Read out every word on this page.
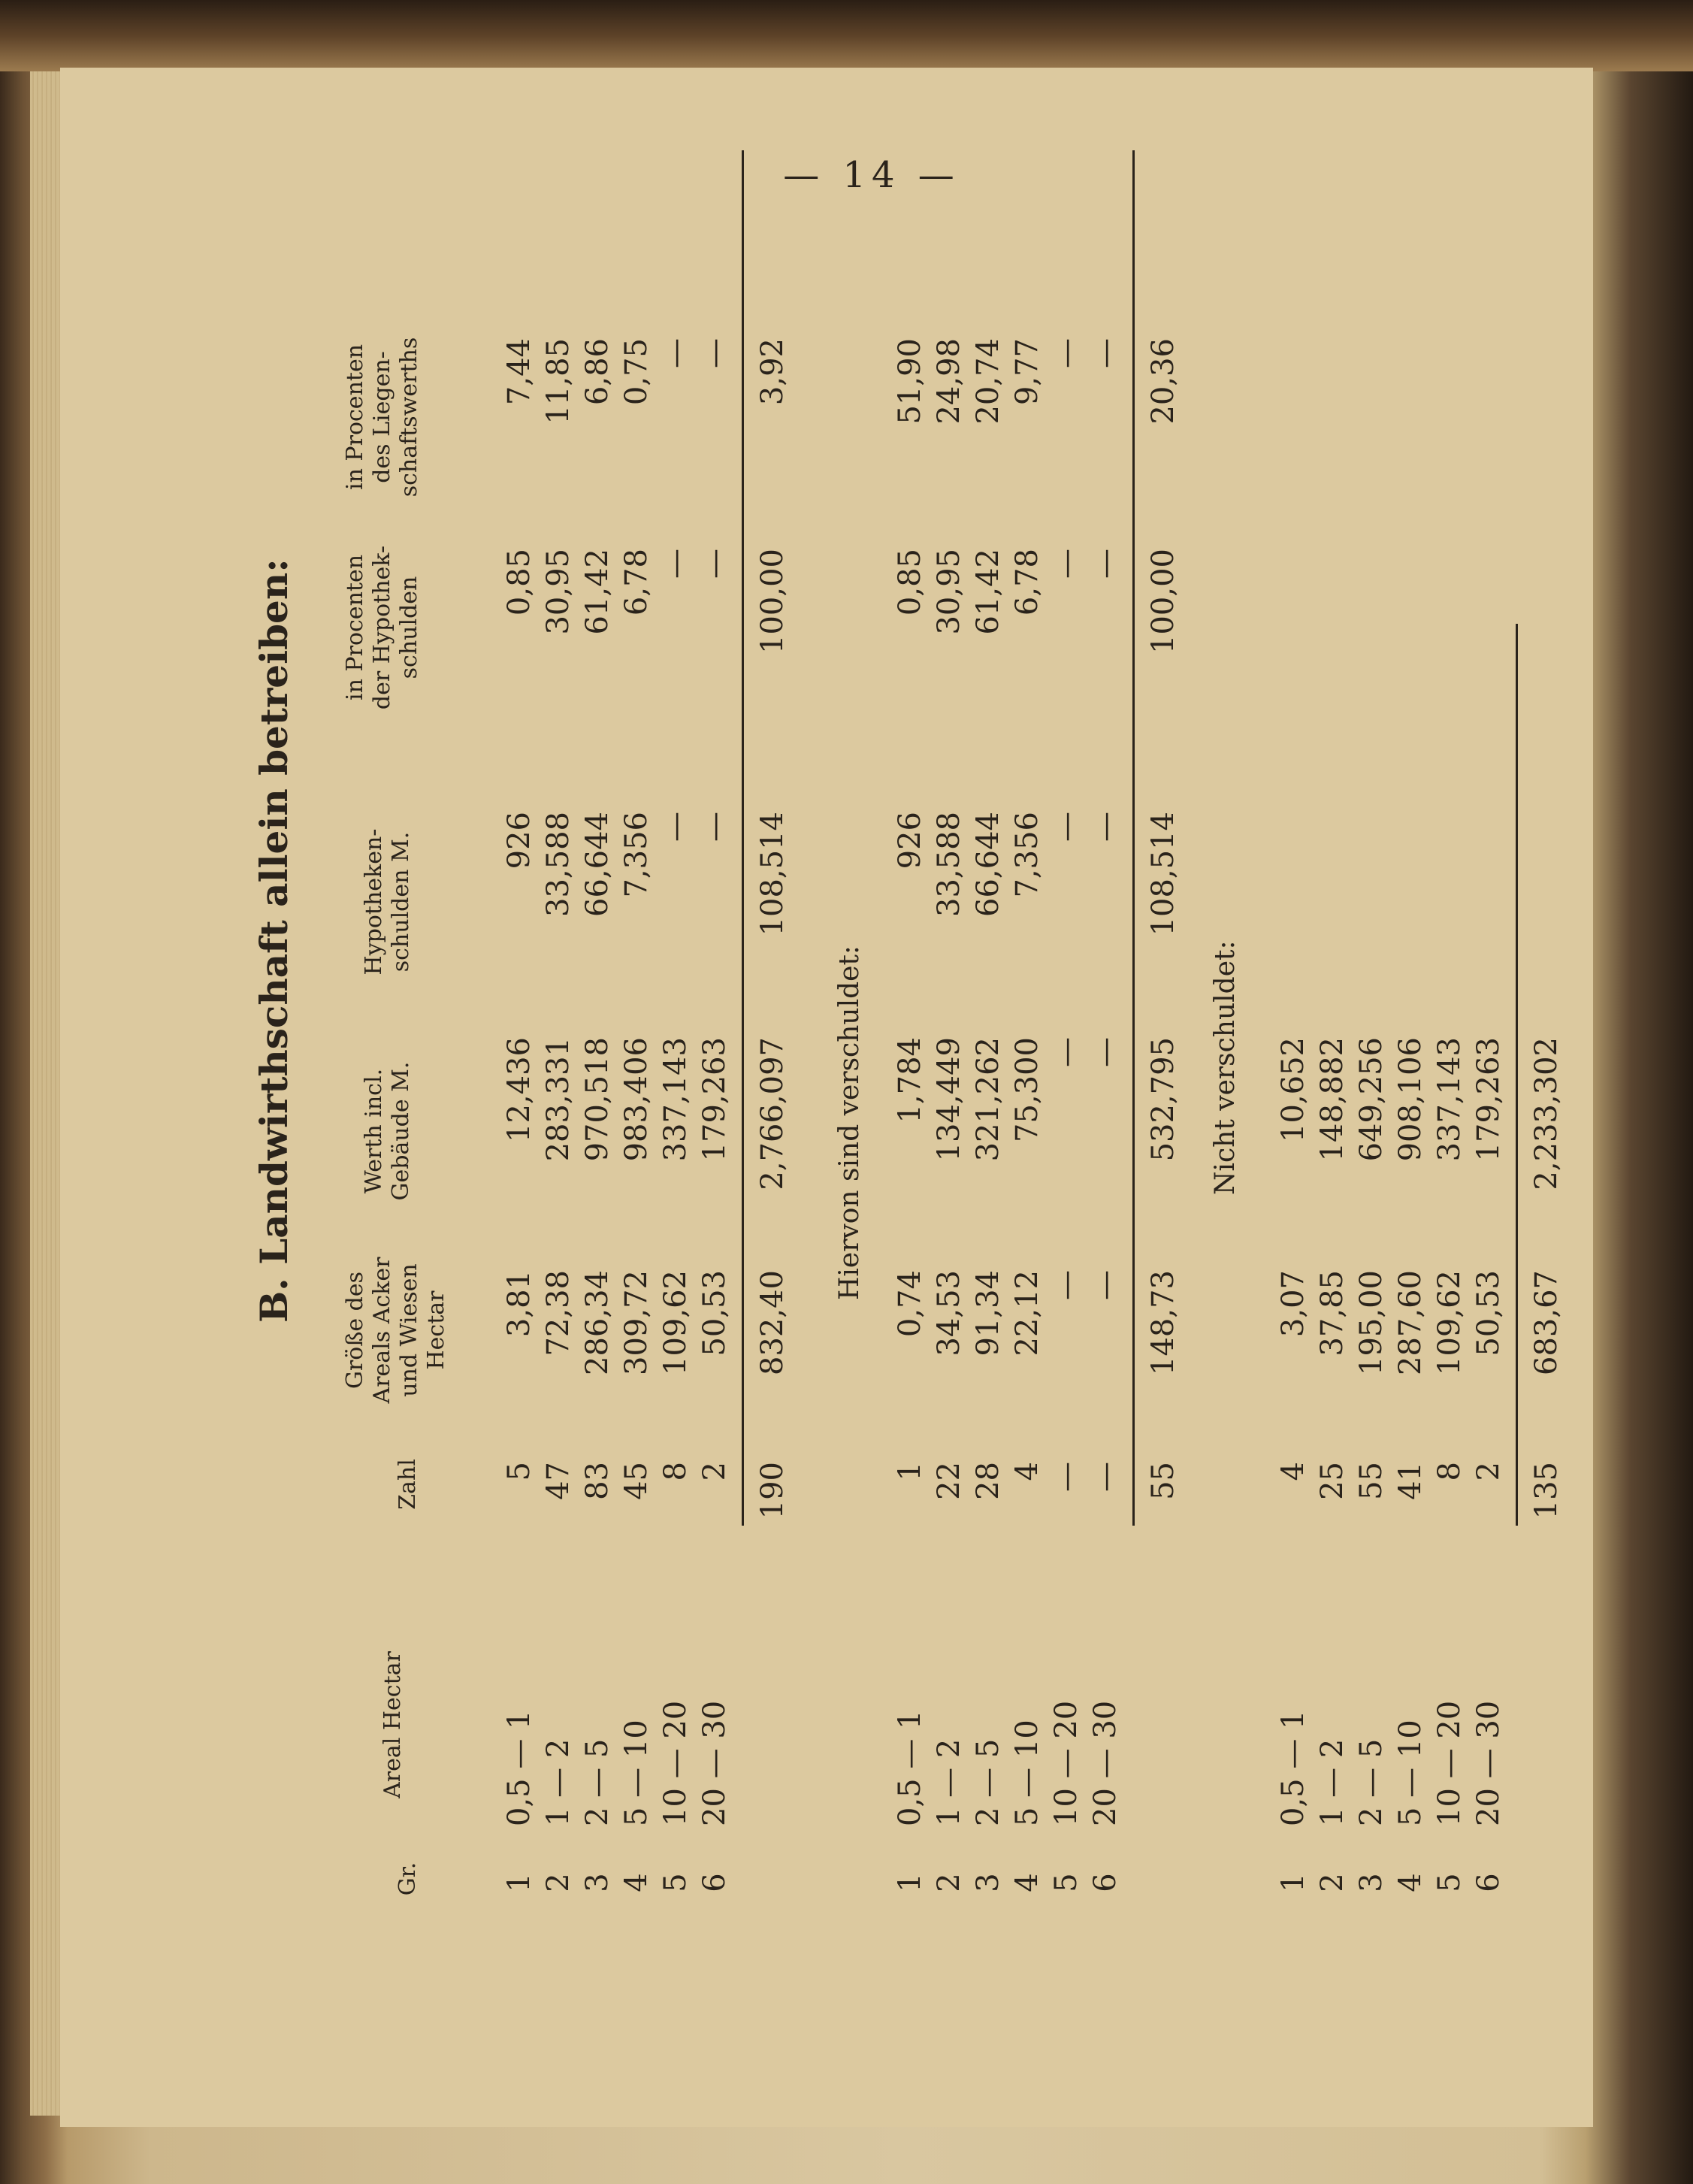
— 14 —
B. Landwirthschaft allein betreiben:
Gr.
Areal Hectar
Zahl
Größe des Areals Acker und Wiesen Hectar
Werth incl. Gebäude M.
Hypotheken- schulden M.
in Procenten der Hypothek- schulden
in Procenten des Liegen- schaftswerths
1
0,5 — 1
5
3,81
12,436
926
0,85
7,44
2
1 — 2
47
72,38
283,331
33,588
30,95
11,85
3
2 — 5
83
286,34
970,518
66,644
61,42
6,86
4
5 — 10
45
309,72
983,406
7,356
6,78
0,75
5
10 — 20
8
109,62
337,143
—
—
—
6
20 — 30
2
50,53
179,263
—
—
—
190
832,40
2,766,097
108,514
100,00
3,92
Hiervon sind verschuldet:
1
0,5 — 1
1
0,74
1,784
926
0,85
51,90
2
1 — 2
22
34,53
134,449
33,588
30,95
24,98
3
2 — 5
28
91,34
321,262
66,644
61,42
20,74
4
5 — 10
4
22,12
75,300
7,356
6,78
9,77
5
10 — 20
—
—
—
—
—
—
6
20 — 30
—
—
—
—
—
—
55
148,73
532,795
108,514
100,00
20,36
Nicht verschuldet:
1
0,5 — 1
4
3,07
10,652
2
1 — 2
25
37,85
148,882
3
2 — 5
55
195,00
649,256
4
5 — 10
41
287,60
908,106
5
10 — 20
8
109,62
337,143
6
20 — 30
2
50,53
179,263
135
683,67
2,233,302
